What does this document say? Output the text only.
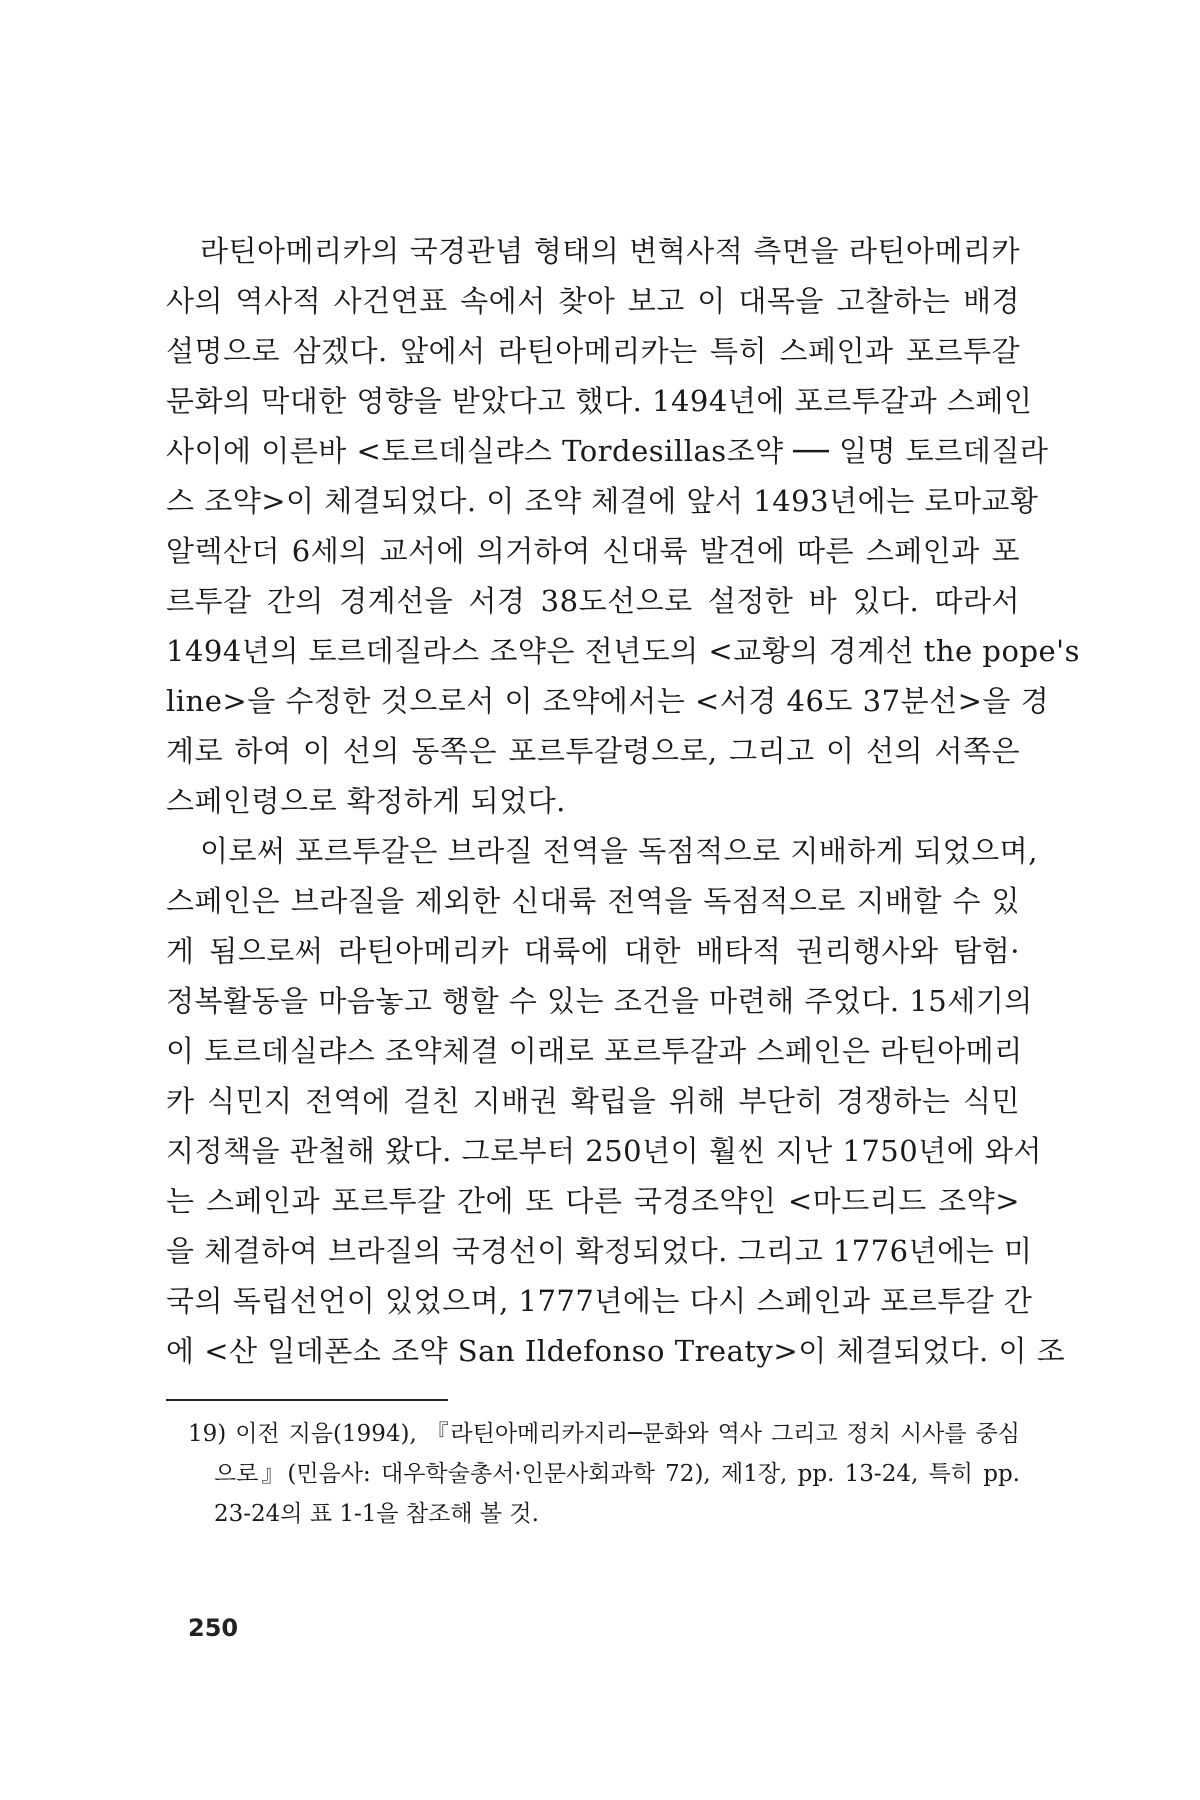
라틴아메리카의 국경관념 형태의 변혁사적 측면을 라틴아메리카
사의 역사적 사건연표 속에서 찾아 보고 이 대목을 고찰하는 배경
설명으로 삼겠다. 앞에서 라틴아메리카는 특히 스페인과 포르투갈
문화의 막대한 영향을 받았다고 했다. 1494년에 포르투갈과 스페인
사이에 이른바 <토르데실랴스 Tordesillas조약 ── 일명 토르데질라
스 조약>이 체결되었다. 이 조약 체결에 앞서 1493년에는 로마교황
알렉산더 6세의 교서에 의거하여 신대륙 발견에 따른 스페인과 포
르투갈 간의 경계선을 서경 38도선으로 설정한 바 있다. 따라서
1494년의 토르데질라스 조약은 전년도의 <교황의 경계선 the pope's
line>을 수정한 것으로서 이 조약에서는 <서경 46도 37분선>을 경
계로 하여 이 선의 동쪽은 포르투갈령으로, 그리고 이 선의 서쪽은
스페인령으로 확정하게 되었다.
이로써 포르투갈은 브라질 전역을 독점적으로 지배하게 되었으며,
스페인은 브라질을 제외한 신대륙 전역을 독점적으로 지배할 수 있
게 됨으로써 라틴아메리카 대륙에 대한 배타적 권리행사와 탐험·
정복활동을 마음놓고 행할 수 있는 조건을 마련해 주었다. 15세기의
이 토르데실랴스 조약체결 이래로 포르투갈과 스페인은 라틴아메리
카 식민지 전역에 걸친 지배권 확립을 위해 부단히 경쟁하는 식민
지정책을 관철해 왔다. 그로부터 250년이 훨씬 지난 1750년에 와서
는 스페인과 포르투갈 간에 또 다른 국경조약인 <마드리드 조약>
을 체결하여 브라질의 국경선이 확정되었다. 그리고 1776년에는 미
국의 독립선언이 있었으며, 1777년에는 다시 스페인과 포르투갈 간
에 <산 일데폰소 조약 San Ildefonso Treaty>이 체결되었다. 이 조
19) 이전 지음(1994), 『라틴아메리카지리─문화와 역사 그리고 정치 시사를 중심
으로』(민음사: 대우학술총서·인문사회과학 72), 제1장, pp. 13-24, 특히 pp.
23-24의 표 1-1을 참조해 볼 것.
250
